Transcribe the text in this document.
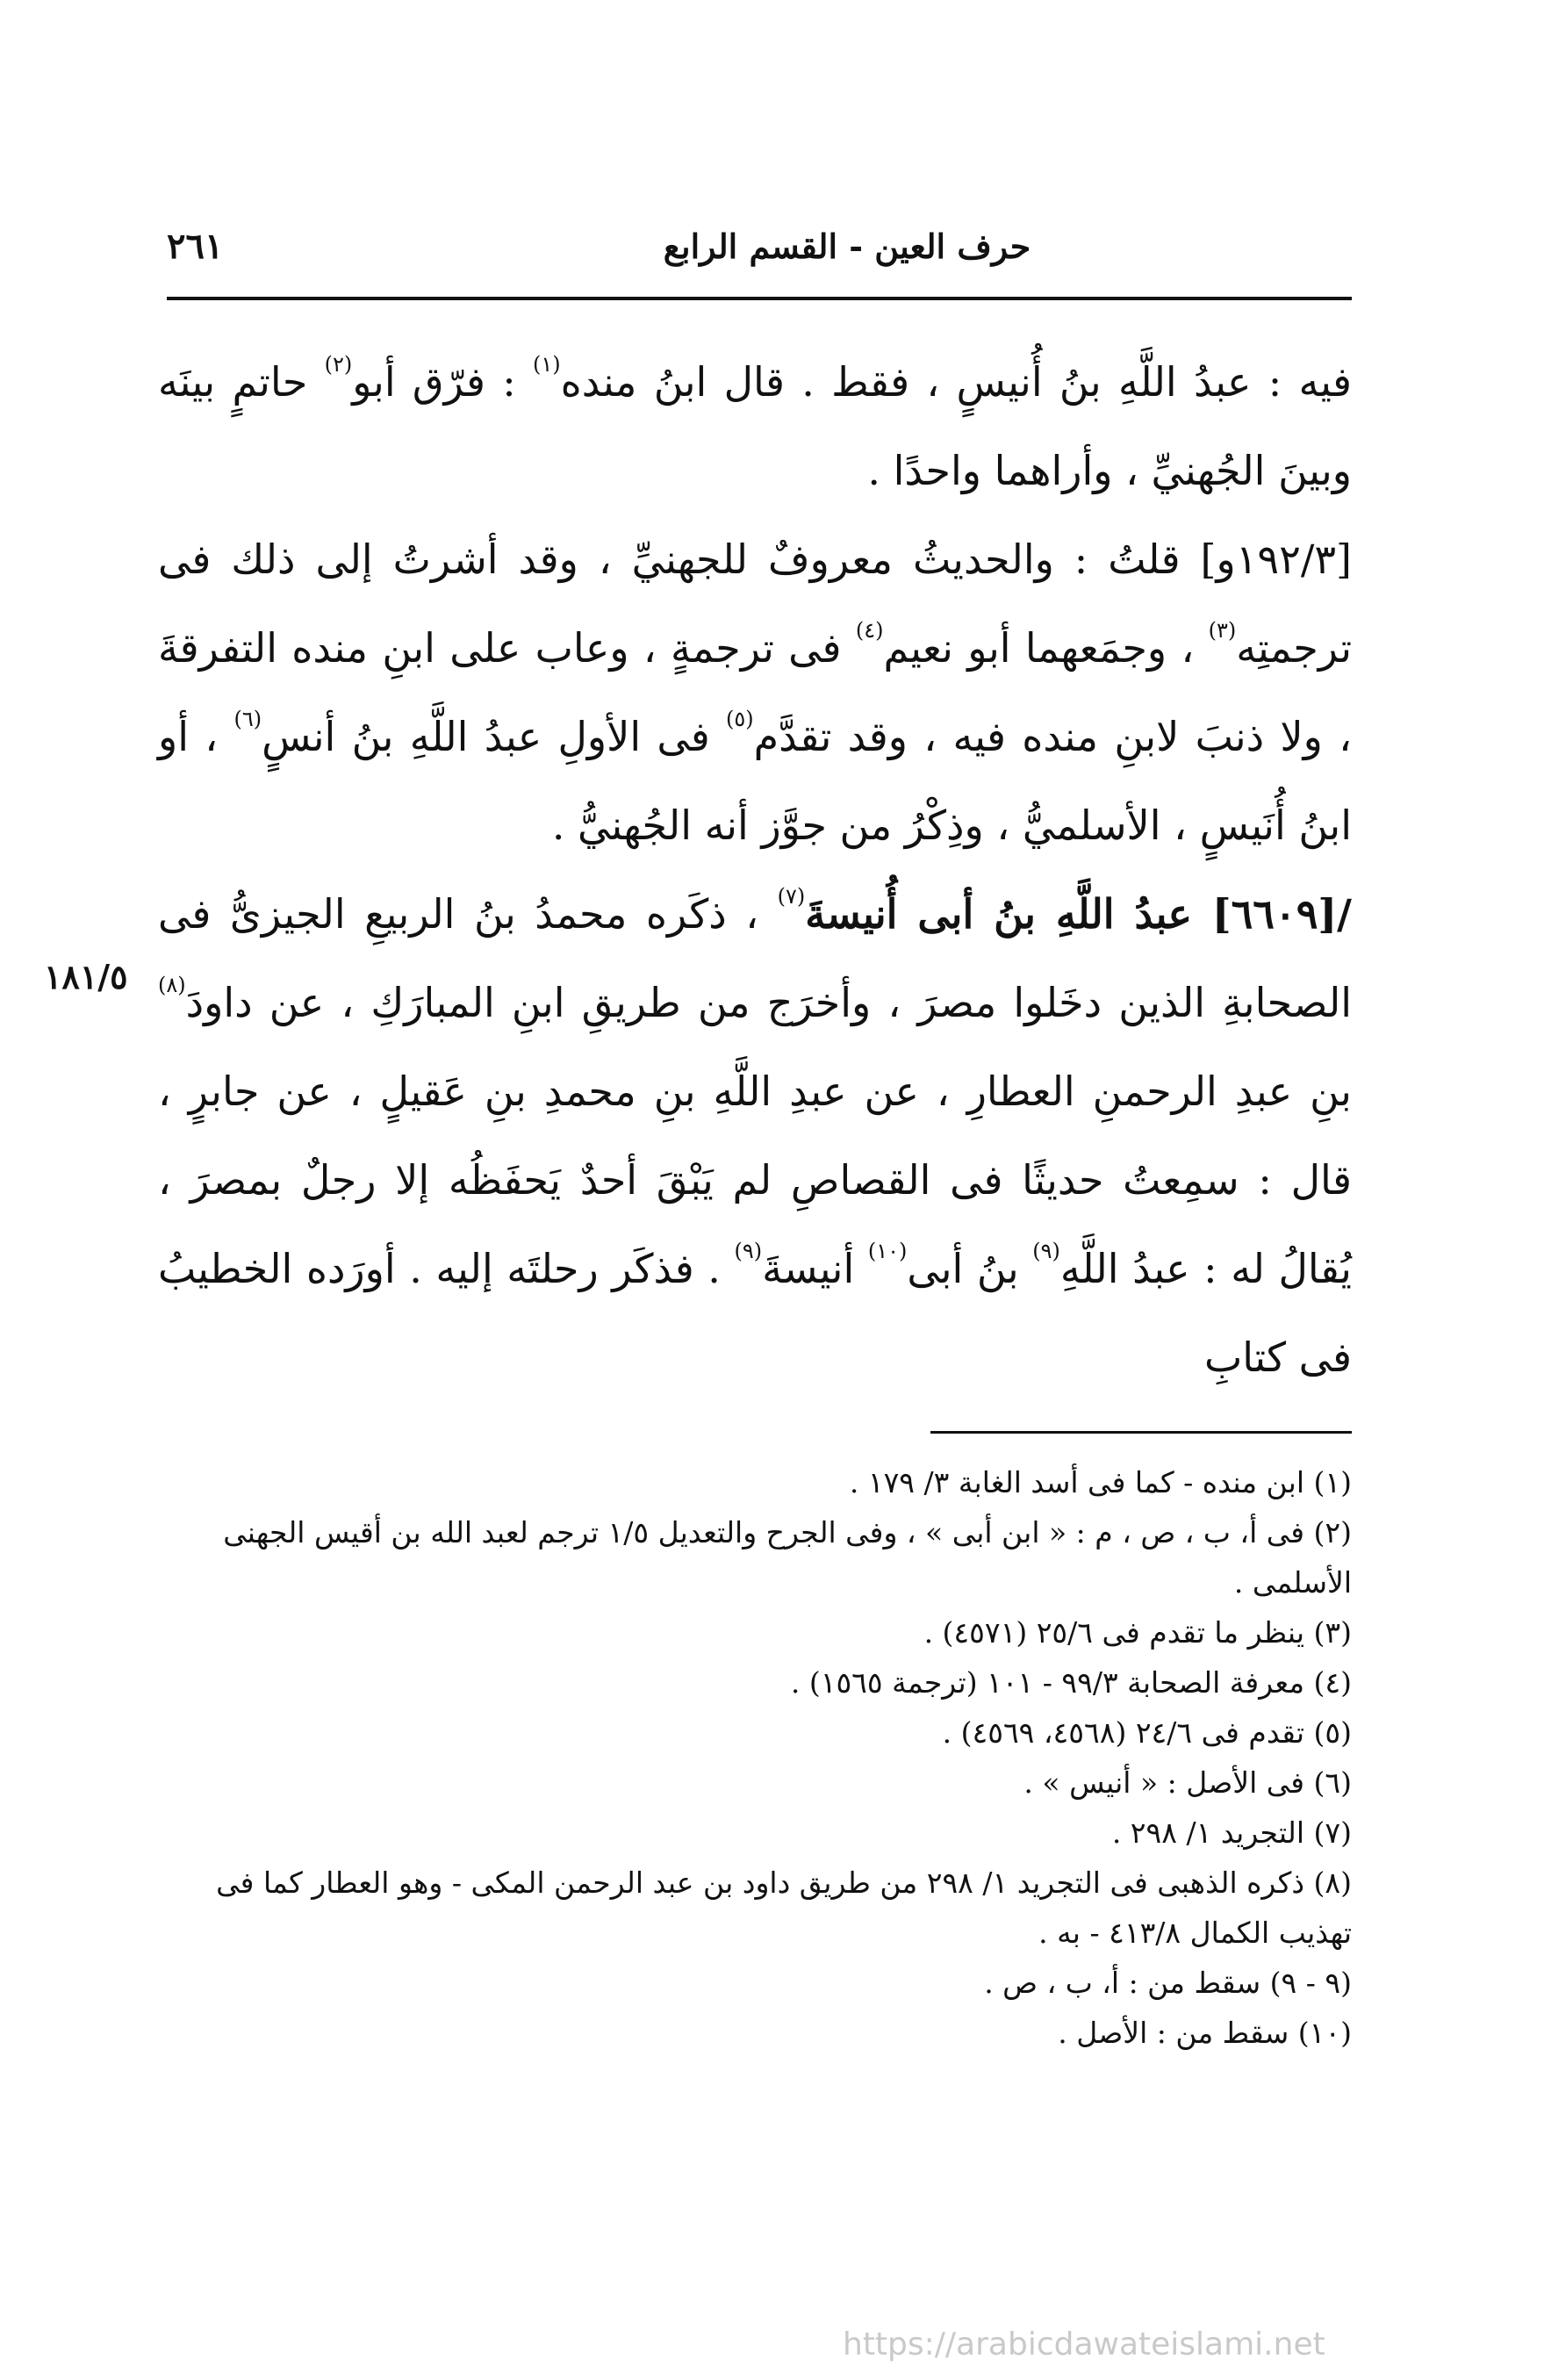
٢٦١	حرف العين - القسم الرابع

فيه : عبدُ اللَّهِ بنُ أُنيسٍ ، فقط . قال ابنُ منده$^{(١)}$ : فرّق أبو$^{(٢)}$ حاتمٍ بينَه وبينَ الجُهنيِّ ، وأراهما واحدًا .

[١٩٢/٣و] قلتُ : والحديثُ معروفٌ للجهنيِّ ، وقد أشرتُ إلى ذلك فى ترجمتِه$^{(٣)}$ ، وجمَعهما أبو نعيم$^{(٤)}$ فى ترجمةٍ ، وعاب على ابنِ منده التفرقةَ ، ولا ذنبَ لابنِ منده فيه ، وقد تقدَّم$^{(٥)}$ فى الأولِ عبدُ اللَّهِ بنُ أنسٍ$^{(٦)}$ ، أو ابنُ أُنَيسٍ ، الأسلميُّ ، وذِكْرُ من جوَّز أنه الجُهنيُّ .

/[٦٦٠٩] عبدُ اللَّهِ بنُ أبى أُنيسةَ$^{(٧)}$ ، ذكَره محمدُ بنُ الربيعِ الجيزىُّ فى الصحابةِ الذين دخَلوا مصرَ ، وأخرَج من طريقِ ابنِ المبارَكِ ، عن داودَ$^{(٨)}$ بنِ عبدِ الرحمنِ العطارِ ، عن عبدِ اللَّهِ بنِ محمدِ بنِ عَقيلٍ ، عن جابرٍ ، قال : سمِعتُ حديثًا فى القصاصِ لم يَبْقَ أحدٌ يَحفَظُه إلا رجلٌ بمصرَ ، يُقالُ له : عبدُ اللَّهِ$^{(٩)}$ بنُ أبى$^{(١٠)}$ أنيسةَ$^{(٩)}$ . فذكَر رحلتَه إليه . أورَده الخطيبُ فى كتابِ

١٨١/٥

(١) ابن منده - كما فى أسد الغابة ٣/ ١٧٩ .

(٢) فى أ، ب ، ص ، م : « ابن أبى » ، وفى الجرح والتعديل ١/٥ ترجم لعبد الله بن أقيس الجهنى الأسلمى .

(٣) ينظر ما تقدم فى ٢٥/٦ (٤٥٧١) .

(٤) معرفة الصحابة ٩٩/٣ - ١٠١ (ترجمة ١٥٦٥) .

(٥) تقدم فى ٢٤/٦ (٤٥٦٨، ٤٥٦٩) .

(٦) فى الأصل : « أنيس » .

(٧) التجريد ١/ ٢٩٨ .

(٨) ذكره الذهبى فى التجريد ١/ ٢٩٨ من طريق داود بن عبد الرحمن المكى - وهو العطار كما فى تهذيب الكمال ٤١٣/٨ - به .

(٩ - ٩) سقط من : أ، ب ، ص .

(١٠) سقط من : الأصل .

https://arabicdawateislami.net
